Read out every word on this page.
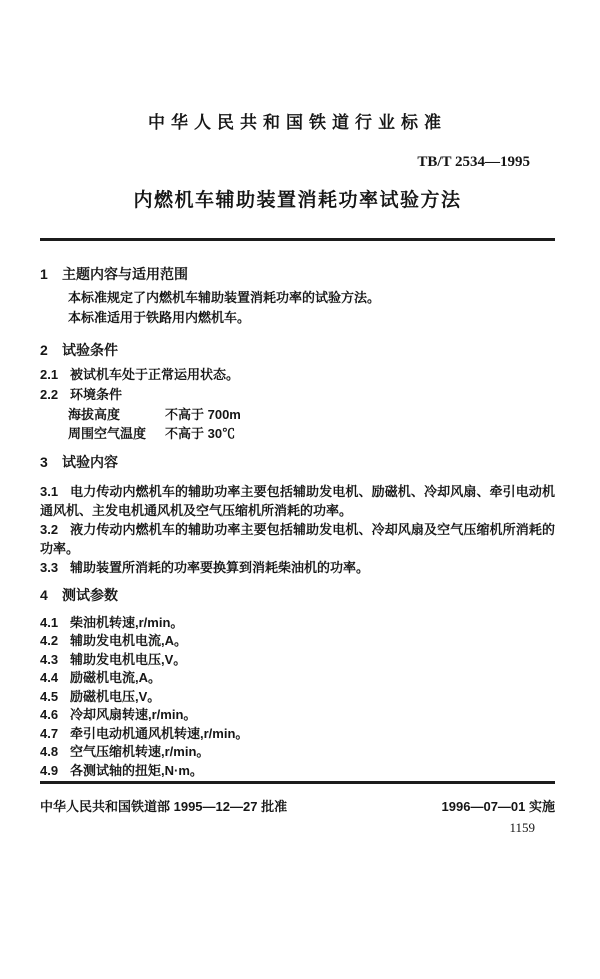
中华人民共和国铁道行业标准
TB/T 2534—1995
内燃机车辅助装置消耗功率试验方法
1 主题内容与适用范围

本标准规定了内燃机车辅助装置消耗功率的试验方法。

本标准适用于铁路用内燃机车。

2 试验条件

2.1 被试机车处于正常运用状态。

2.2 环境条件

海拔高度	不高于 700m

周围空气温度 不高于 30℃

3 试验内容

3.1 电力传动内燃机车的辅助功率主要包括辅助发电机、励磁机、冷却风扇、牵引电动机通风机、主发电机通风机及空气压缩机所消耗的功率。

3.2 液力传动内燃机车的辅助功率主要包括辅助发电机、冷却风扇及空气压缩机所消耗的功率。

3.3 辅助装置所消耗的功率要换算到消耗柴油机的功率。

4 测试参数

4.1 柴油机转速,r/min。

4.2 辅助发电机电流,A。

4.3 辅助发电机电压,V。

4.4 励磁机电流,A。

4.5 励磁机电压,V。

4.6 冷却风扇转速,r/min。

4.7 牵引电动机通风机转速,r/min。

4.8 空气压缩机转速,r/min。

4.9 各测试轴的扭矩,N·m。

中华人民共和国铁道部 1995—12—27 批准	1996—07—01 实施
1159
